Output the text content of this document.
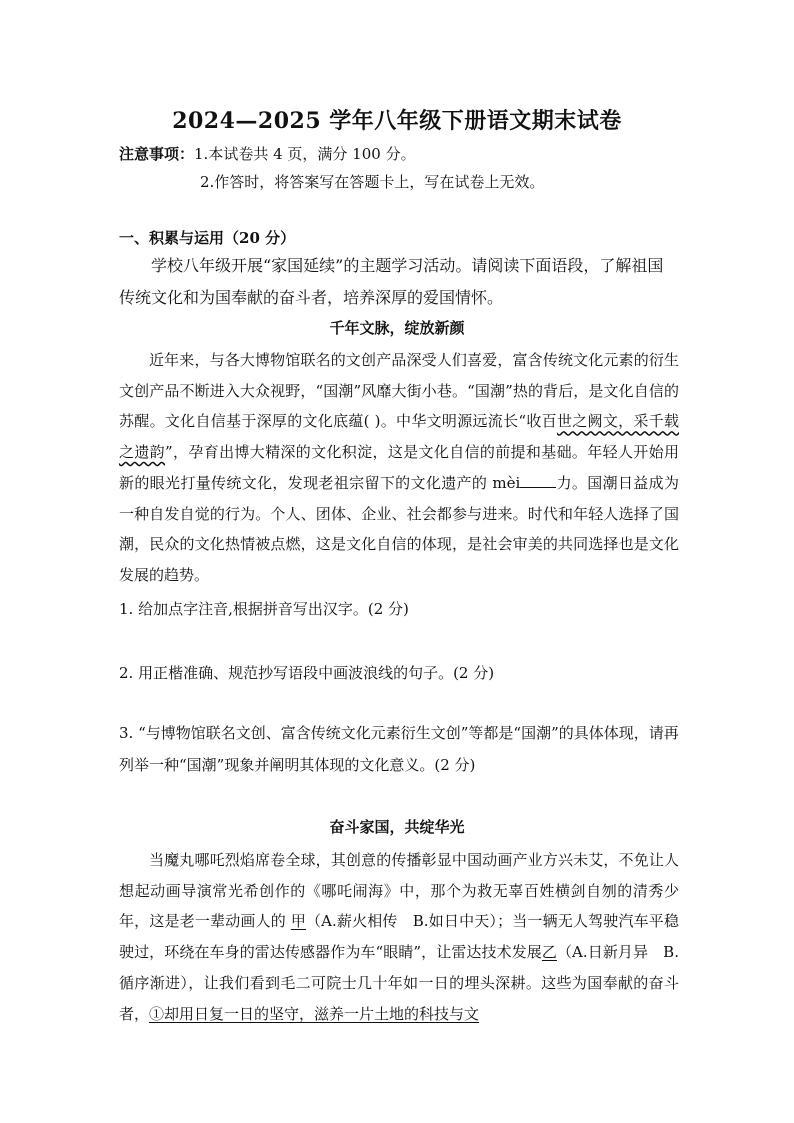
2024—2025 学年八年级下册语文期末试卷
注意事项：1.本试卷共 4 页，满分 100 分。
2.作答时，将答案写在答题卡上，写在试卷上无效。
一、积累与运用（20 分）
学校八年级开展“家国延续”的主题学习活动。请阅读下面语段，了解祖国传统文化和为国奉献的奋斗者，培养深厚的爱国情怀。
千年文脉，绽放新颜
近年来，与各大博物馆联名的文创产品深受人们喜爱，富含传统文化元素的衍生文创产品不断进入大众视野，“国潮”风靡大街小巷。“国潮”热的背后，是文化自信的苏醒。文化自信基于深厚的文化底蕴( )。中华文明源远流长“收百世之阙文，采千载之遗韵”，孕育出博大精深的文化积淀，这是文化自信的前提和基础。年轻人开始用新的眼光打量传统文化，发现老祖宗留下的文化遗产的 mèi 力。国潮日益成为一种自发自觉的行为。个人、团体、企业、社会都参与进来。时代和年轻人选择了国潮，民众的文化热情被点燃，这是文化自信的体现，是社会审美的共同选择也是文化发展的趋势。
1. 给加点字注音,根据拼音写出汉字。(2 分)
2. 用正楷准确、规范抄写语段中画波浪线的句子。(2 分)
3. “与博物馆联名文创、富含传统文化元素衍生文创”等都是“国潮”的具体体现，请再列举一种“国潮”现象并阐明其体现的文化意义。(2 分)
奋斗家国，共绽华光
当魔丸哪吒烈焰席卷全球，其创意的传播彰显中国动画产业方兴未艾，不免让人想起动画导演常光希创作的《哪吒闹海》中，那个为救无辜百姓横剑自刎的清秀少年，这是老一辈动画人的 甲（A.薪火相传　B.如日中天）；当一辆无人驾驶汽车平稳驶过，环绕在车身的雷达传感器作为车“眼睛”，让雷达技术发展乙（A.日新月异　B.循序渐进），让我们看到毛二可院士几十年如一日的埋头深耕。这些为国奉献的奋斗者，①却用日复一日的坚守，滋养一片土地的科技与文
